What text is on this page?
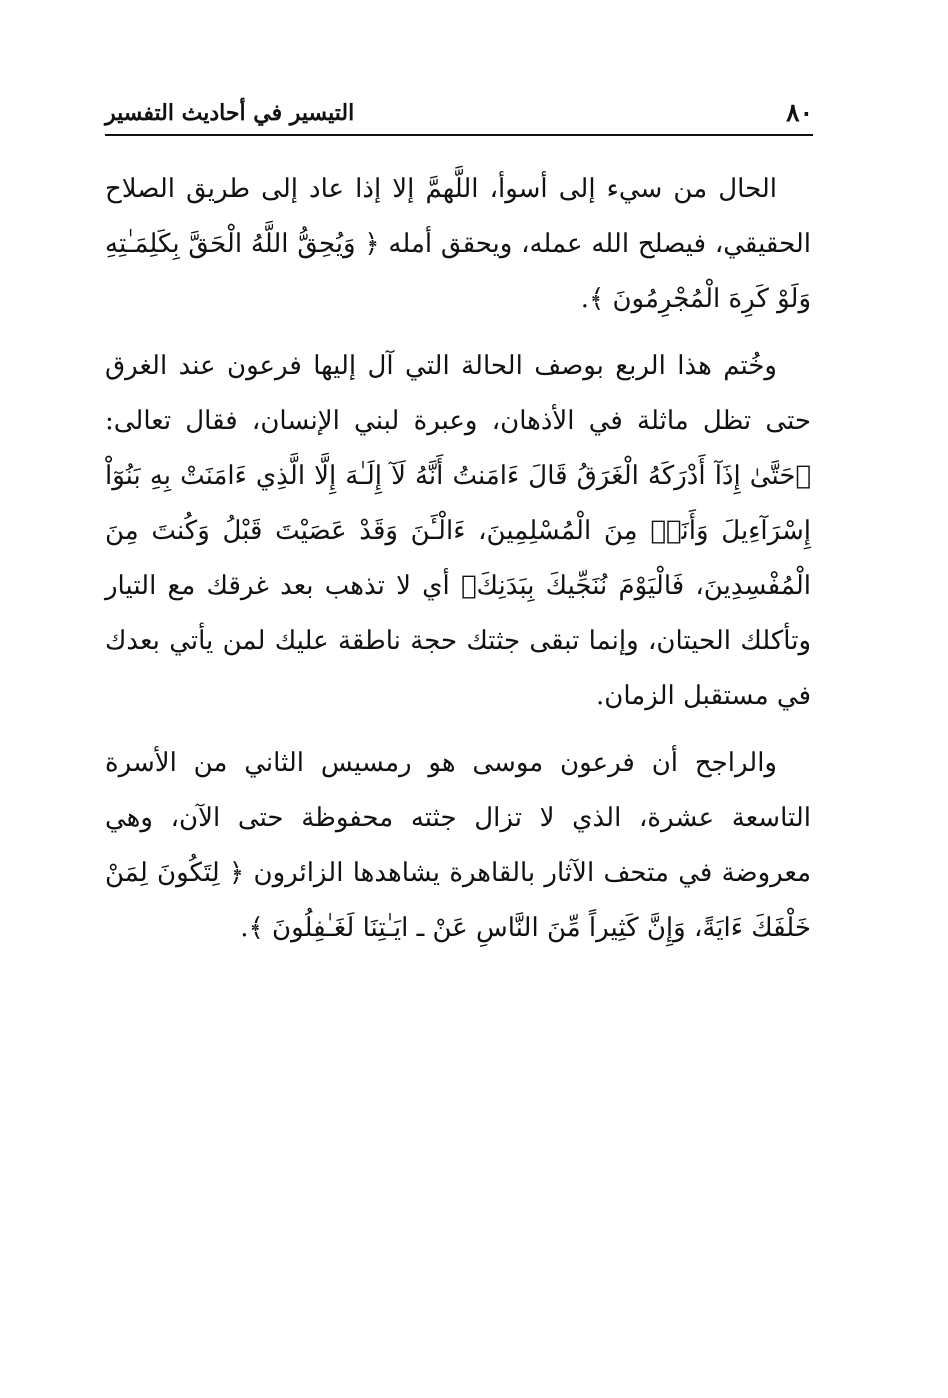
٨٠
التيسير في أحاديث التفسير

الحال من سيء إلى أسوأ، اللَّهمَّ إلا إذا عاد إلى طريق الصلاح الحقيقي، فيصلح الله عمله، ويحقق أمله ﴿ وَيُحِقُّ اللَّهُ الْحَقَّ بِكَلِمَـٰتِهِ وَلَوْ كَرِهَ الْمُجْرِمُونَ ﴾.

وخُتم هذا الربع بوصف الحالة التي آل إليها فرعون عند الغرق حتى تظل ماثلة في الأذهان، وعبرة لبني الإنسان، فقال تعالى: ﴿حَتَّىٰ إِذَآ أَدْرَكَهُ الْغَرَقُ قَالَ ءَامَنتُ أَنَّهُ لَآ إِلَـٰهَ إِلَّا الَّذِي ءَامَنَتْ بِهِ بَنُوٓاْ إِسْرَآءِيلَ وَأَنَا۠ مِنَ الْمُسْلِمِينَ، ءَالْـَٔنَ وَقَدْ عَصَيْتَ قَبْلُ وَكُنتَ مِنَ الْمُفْسِدِينَ، فَالْيَوْمَ نُنَجِّيكَ بِبَدَنِكَ﴾ أي لا تذهب بعد غرقك مع التيار وتأكلك الحيتان، وإنما تبقى جثتك حجة ناطقة عليك لمن يأتي بعدك في مستقبل الزمان.

والراجح أن فرعون موسى هو رمسيس الثاني من الأسرة التاسعة عشرة، الذي لا تزال جثته محفوظة حتى الآن، وهي معروضة في متحف الآثار بالقاهرة يشاهدها الزائرون ﴿ لِتَكُونَ لِمَنْ خَلْفَكَ ءَايَةً، وَإِنَّ كَثِيراً مِّنَ النَّاسِ عَنْ ـ ايَـٰتِنَا لَغَـٰفِلُونَ ﴾.
